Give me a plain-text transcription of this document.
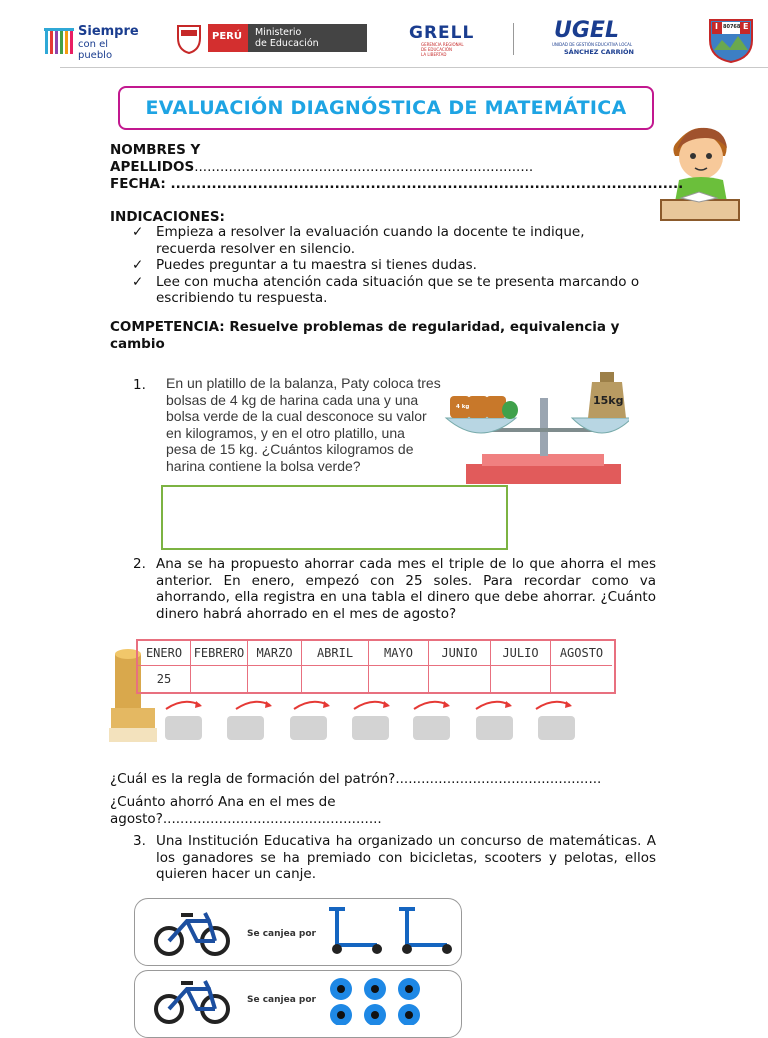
Siempre
con el pueblo
PERÚ Ministerio
de Educación
GRELL
GERENCIA REGIONAL
DE EDUCACIÓN
LA LIBERTAD
UGEL
UNIDAD DE GESTIÓN EDUCATIVA LOCAL
SÁNCHEZ CARRIÓN
I	E
80768
EVALUACIÓN DIAGNÓSTICA DE MATEMÁTICA
NOMBRES Y
APELLIDOS...............................................................................
FECHA: ....................................................................................................
INDICACIONES:
✓ Empieza a resolver la evaluación cuando la docente te indique, recuerda resolver en silencio.
✓ Puedes preguntar a tu maestra si tienes dudas.
✓ Lee con mucha atención cada situación que se te presenta marcando o escribiendo tu respuesta.
COMPETENCIA: Resuelve problemas de regularidad, equivalencia y cambio
1. En un platillo de la balanza, Paty coloca tres
bolsas de 4 kg de harina cada una y una
bolsa verde de la cual desconoce su valor
en kilogramos, y en el otro platillo, una
pesa de 15 kg. ¿Cuántos kilogramos de
harina contiene la bolsa verde?
15kg
4 kg
2. Ana se ha propuesto ahorrar cada mes el triple de lo que ahorra el mes anterior. En enero, empezó con 25 soles. Para recordar como va ahorrando, ella registra en una tabla el dinero que debe ahorrar. ¿Cuánto dinero habrá ahorrado en el mes de agosto?
ENERO FEBRERO	MARZO	ABRIL	MAYO	JUNIO	JULIO	AGOSTO
25
¿Cuál es la regla de formación del patrón?................................................
¿Cuánto ahorró Ana en el mes de
agosto?...................................................
3. Una Institución Educativa ha organizado un concurso de matemáticas. A los ganadores se ha premiado con bicicletas, scooters y pelotas, ellos quieren hacer un canje.
Se canjea por
Se canjea por
